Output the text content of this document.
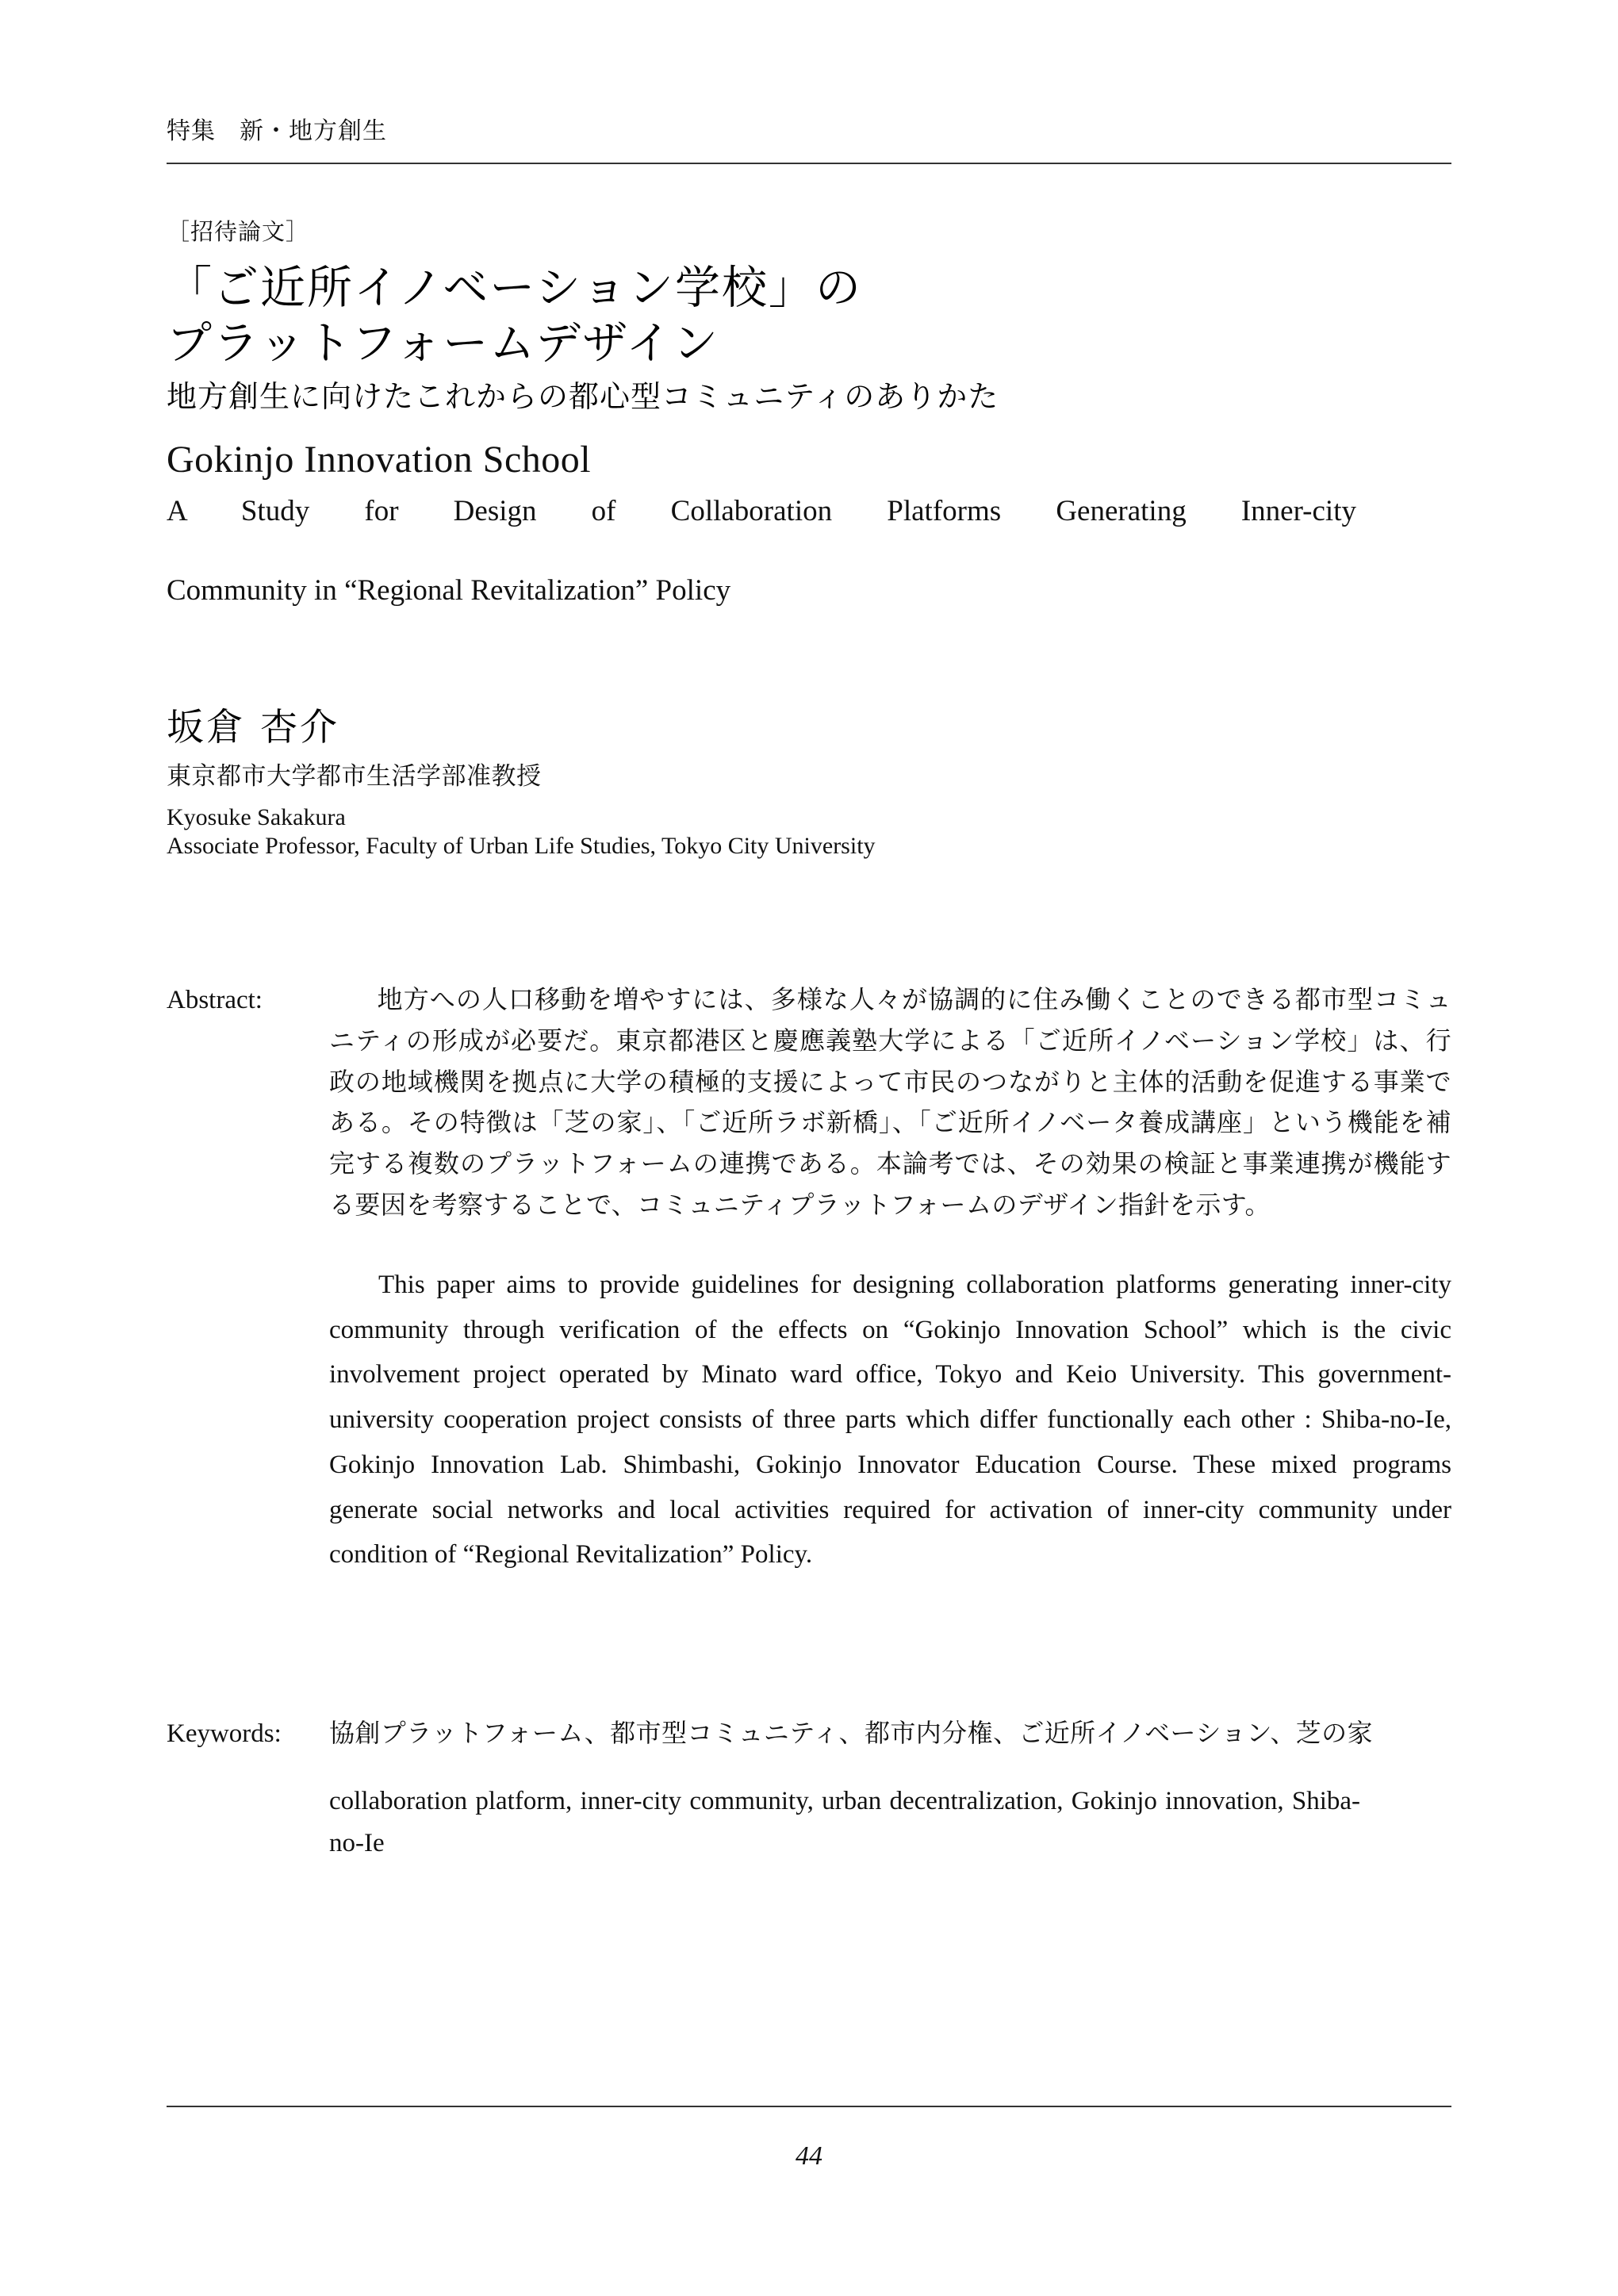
特集 新・地方創生
［招待論文］
「ご近所イノベーション学校」の
プラットフォームデザイン
地方創生に向けたこれからの都心型コミュニティのありかた
Gokinjo Innovation School
A Study for Design of Collaboration Platforms Generating Inner-city
Community in “Regional Revitalization” Policy
坂倉 杏介
東京都市大学都市生活学部准教授
Kyosuke Sakakura
Associate Professor, Faculty of Urban Life Studies, Tokyo City University
Abstract:	地方への人口移動を増やすには、多様な人々が協調的に住み働くことのできる都市型コミュニティの形成が必要だ。東京都港区と慶應義塾大学による「ご近所イノベーション学校」は、行政の地域機関を拠点に大学の積極的支援によって市民のつながりと主体的活動を促進する事業である。その特徴は「芝の家」、「ご近所ラボ新橋」、「ご近所イノベータ養成講座」という機能を補完する複数のプラットフォームの連携である。本論考では、その効果の検証と事業連携が機能する要因を考察することで、コミュニティプラットフォームのデザイン指針を示す。
This paper aims to provide guidelines for designing collaboration platforms generating inner-city community through verification of the effects on “Gokinjo Innovation School” which is the civic involvement project operated by Minato ward office, Tokyo and Keio University. This government-university cooperation project consists of three parts which differ functionally each other : Shiba-no-Ie, Gokinjo Innovation Lab. Shimbashi, Gokinjo Innovator Education Course. These mixed programs generate social networks and local activities required for activation of inner-city community under condition of “Regional Revitalization” Policy.
Keywords:	協創プラットフォーム、都市型コミュニティ、都市内分権、ご近所イノベーション、芝の家
collaboration platform, inner-city community, urban decentralization, Gokinjo innovation, Shiba-no-Ie
44
